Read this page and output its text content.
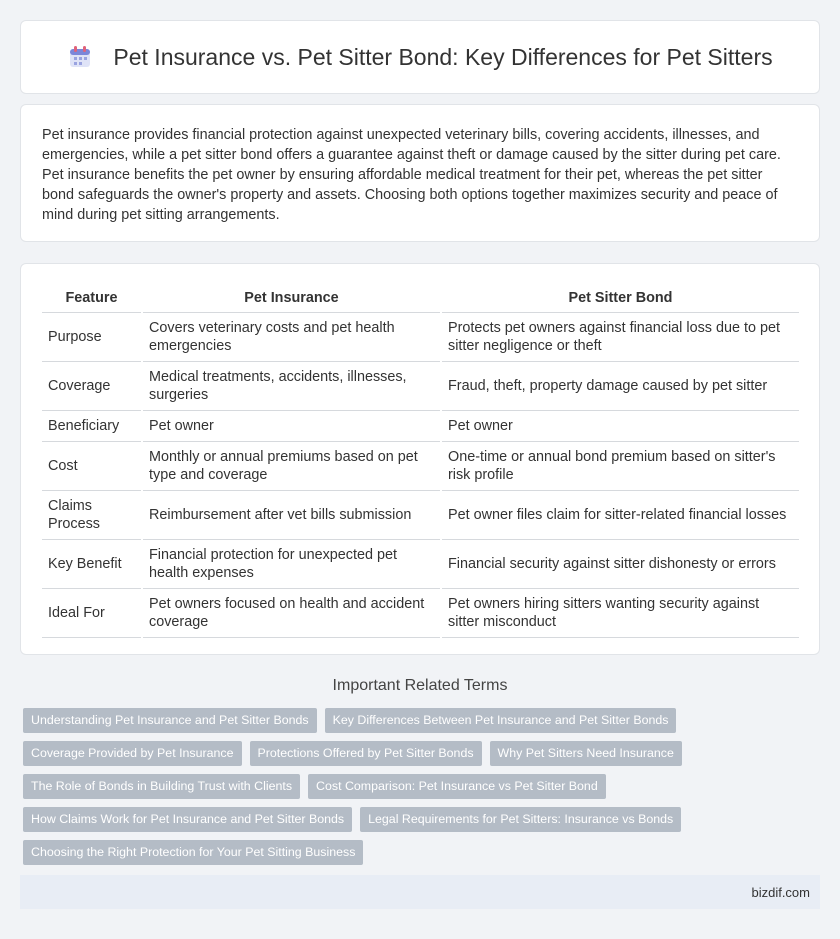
Pet Insurance vs. Pet Sitter Bond: Key Differences for Pet Sitters

Pet insurance provides financial protection against unexpected veterinary bills, covering accidents, illnesses, and emergencies, while a pet sitter bond offers a guarantee against theft or damage caused by the sitter during pet care. Pet insurance benefits the pet owner by ensuring affordable medical treatment for their pet, whereas the pet sitter bond safeguards the owner's property and assets. Choosing both options together maximizes security and peace of mind during pet sitting arrangements.

Feature	Pet Insurance	Pet Sitter Bond
Purpose	Covers veterinary costs and pet health emergencies	Protects pet owners against financial loss due to pet sitter negligence or theft
Coverage	Medical treatments, accidents, illnesses, surgeries	Fraud, theft, property damage caused by pet sitter
Beneficiary	Pet owner	Pet owner
Cost	Monthly or annual premiums based on pet type and coverage	One-time or annual bond premium based on sitter's risk profile
Claims Process	Reimbursement after vet bills submission	Pet owner files claim for sitter-related financial losses
Key Benefit	Financial protection for unexpected pet health expenses	Financial security against sitter dishonesty or errors
Ideal For	Pet owners focused on health and accident coverage	Pet owners hiring sitters wanting security against sitter misconduct
Important Related Terms
Understanding Pet Insurance and Pet Sitter Bonds	Key Differences Between Pet Insurance and Pet Sitter Bonds
Coverage Provided by Pet Insurance	Protections Offered by Pet Sitter Bonds	Why Pet Sitters Need Insurance
The Role of Bonds in Building Trust with Clients	Cost Comparison: Pet Insurance vs Pet Sitter Bond
How Claims Work for Pet Insurance and Pet Sitter Bonds	Legal Requirements for Pet Sitters: Insurance vs Bonds
Choosing the Right Protection for Your Pet Sitting Business
bizdif.com
